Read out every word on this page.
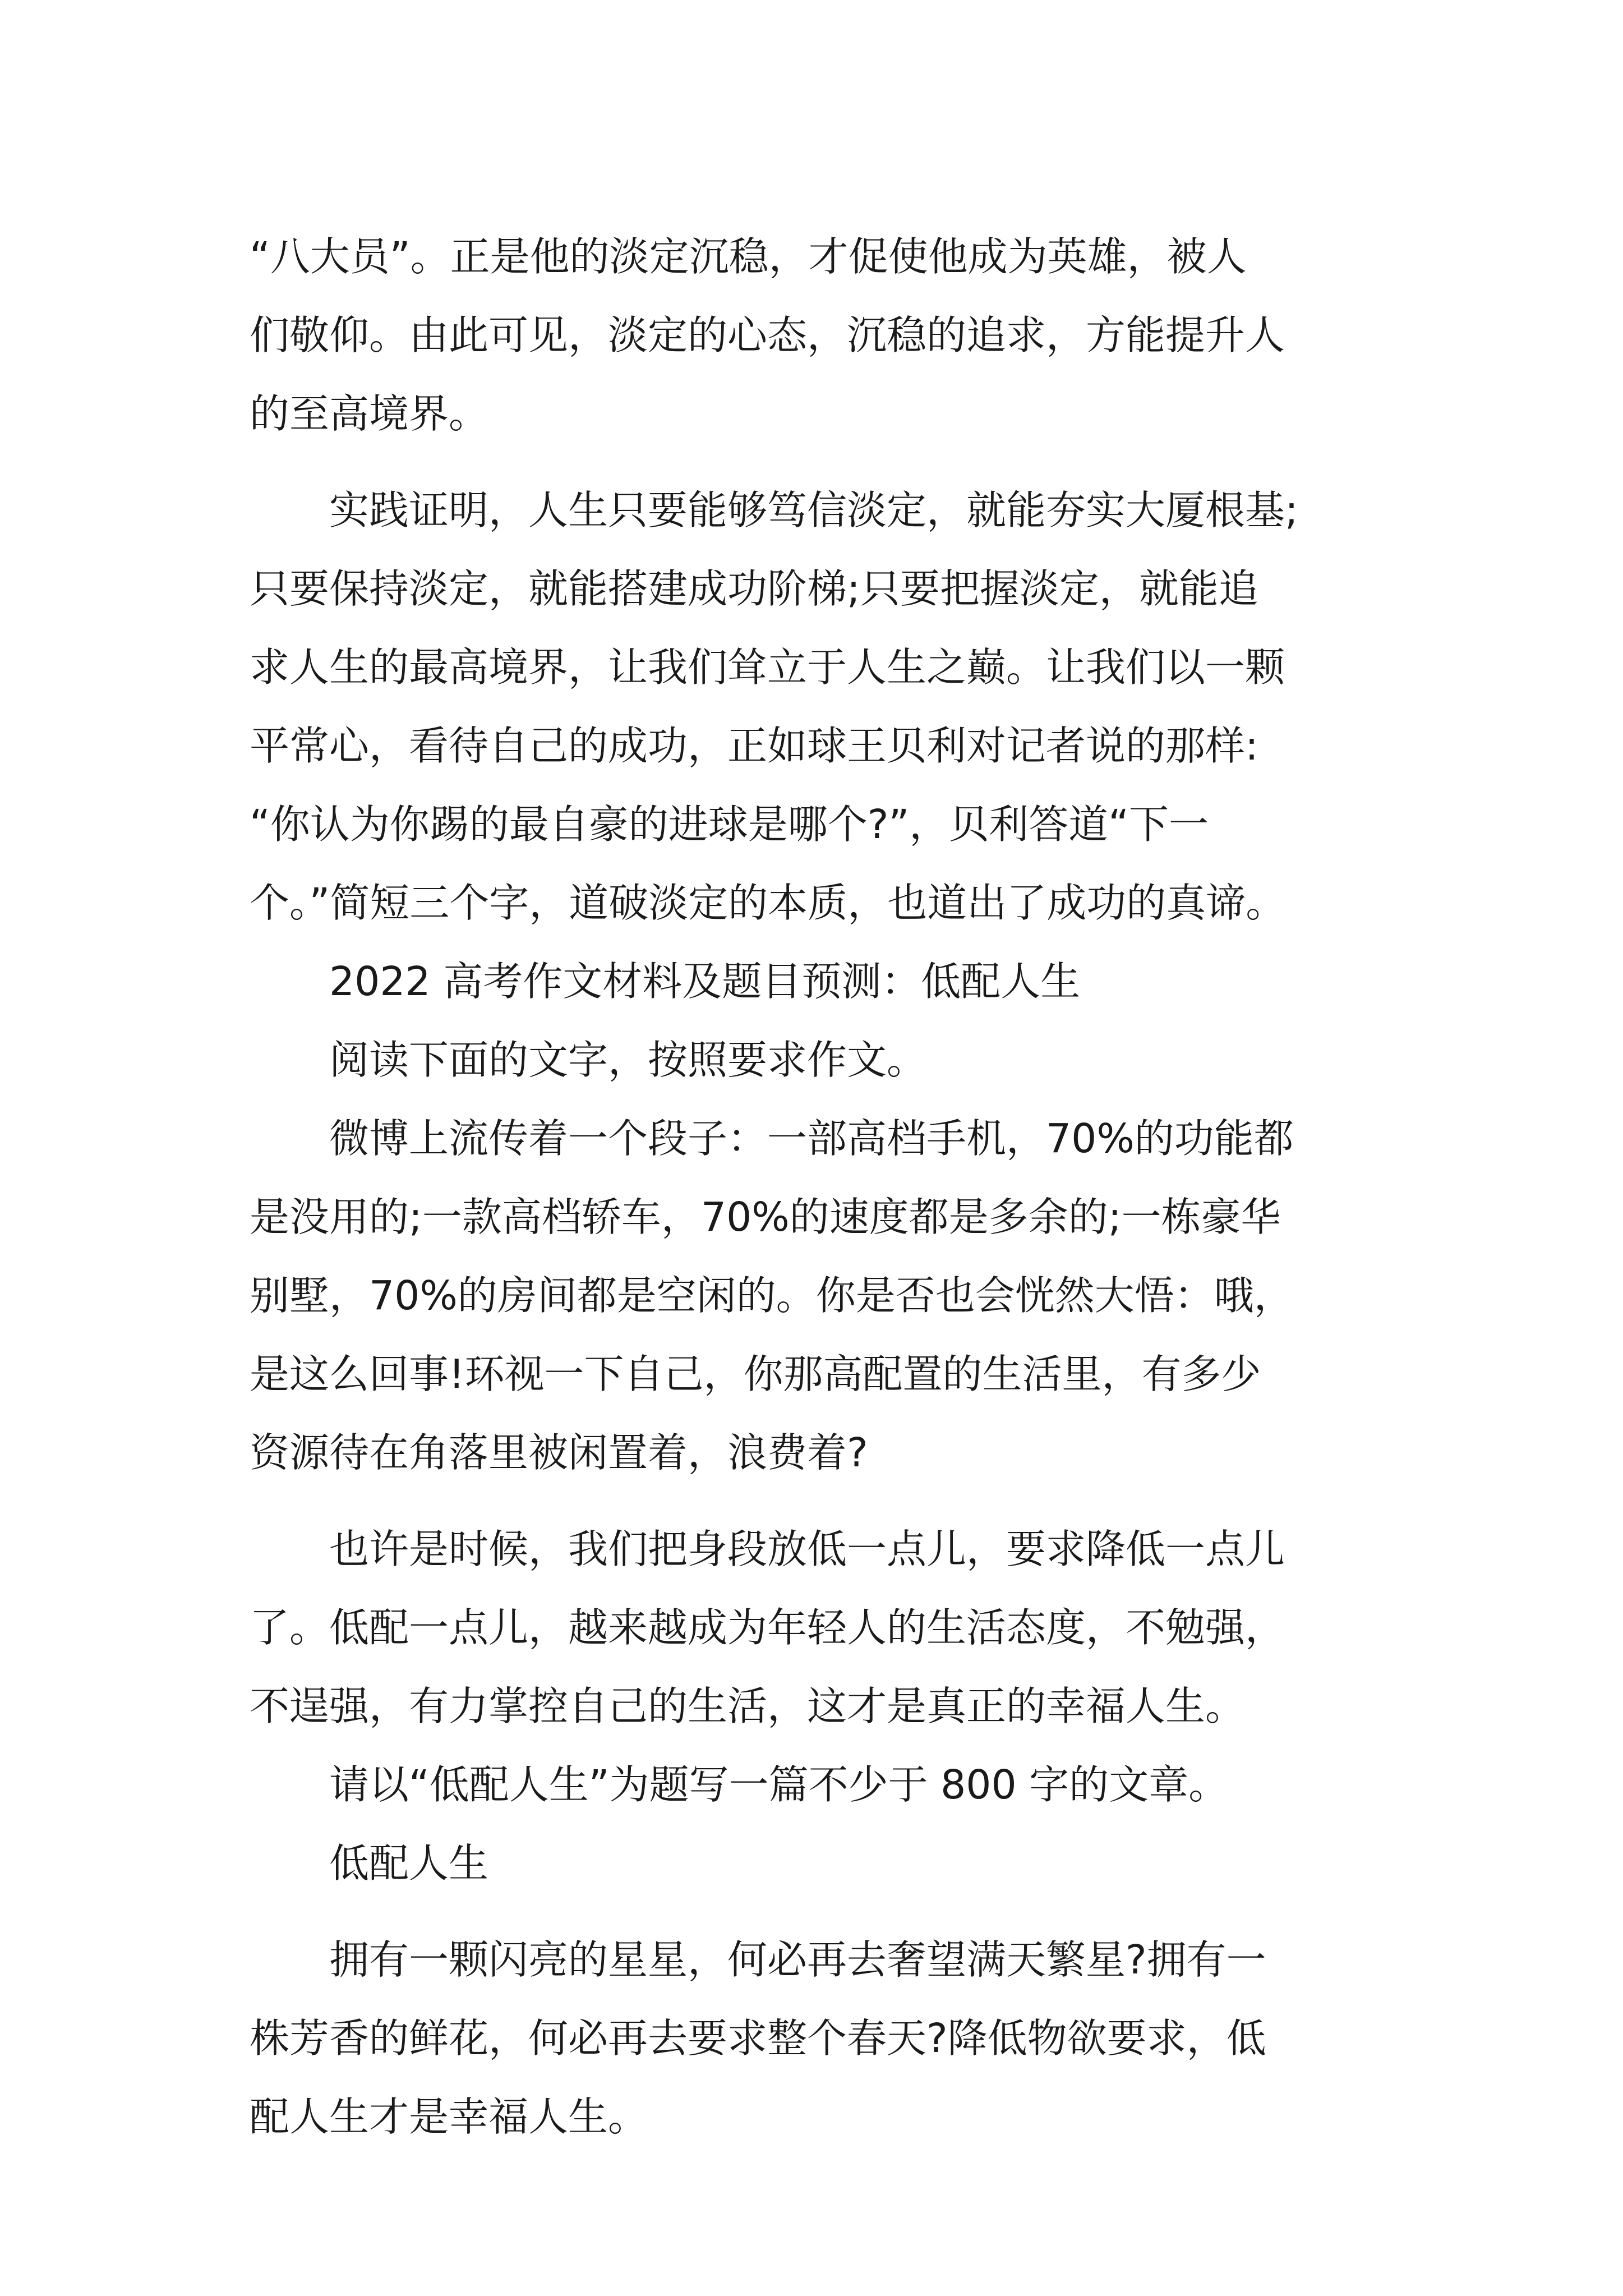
“八大员”。正是他的淡定沉稳，才促使他成为英雄，被人
们敬仰。由此可见，淡定的心态，沉稳的追求，方能提升人
的至高境界。

实践证明，人生只要能够笃信淡定，就能夯实大厦根基;
只要保持淡定，就能搭建成功阶梯;只要把握淡定，就能追
求人生的最高境界，让我们耸立于人生之巅。让我们以一颗
平常心，看待自己的成功，正如球王贝利对记者说的那样:
“你认为你踢的最自豪的进球是哪个?”，贝利答道“下一
个。”简短三个字，道破淡定的本质，也道出了成功的真谛。

2022 高考作文材料及题目预测：低配人生

阅读下面的文字，按照要求作文。

微博上流传着一个段子：一部高档手机，70%的功能都
是没用的;一款高档轿车，70%的速度都是多余的;一栋豪华
别墅，70%的房间都是空闲的。你是否也会恍然大悟：哦，
是这么回事!环视一下自己，你那高配置的生活里，有多少
资源待在角落里被闲置着，浪费着?

也许是时候，我们把身段放低一点儿，要求降低一点儿
了。低配一点儿，越来越成为年轻人的生活态度，不勉强，
不逞强，有力掌控自己的生活，这才是真正的幸福人生。

请以“低配人生”为题写一篇不少于 800 字的文章。

低配人生

拥有一颗闪亮的星星，何必再去奢望满天繁星?拥有一
株芳香的鲜花，何必再去要求整个春天?降低物欲要求，低
配人生才是幸福人生。
